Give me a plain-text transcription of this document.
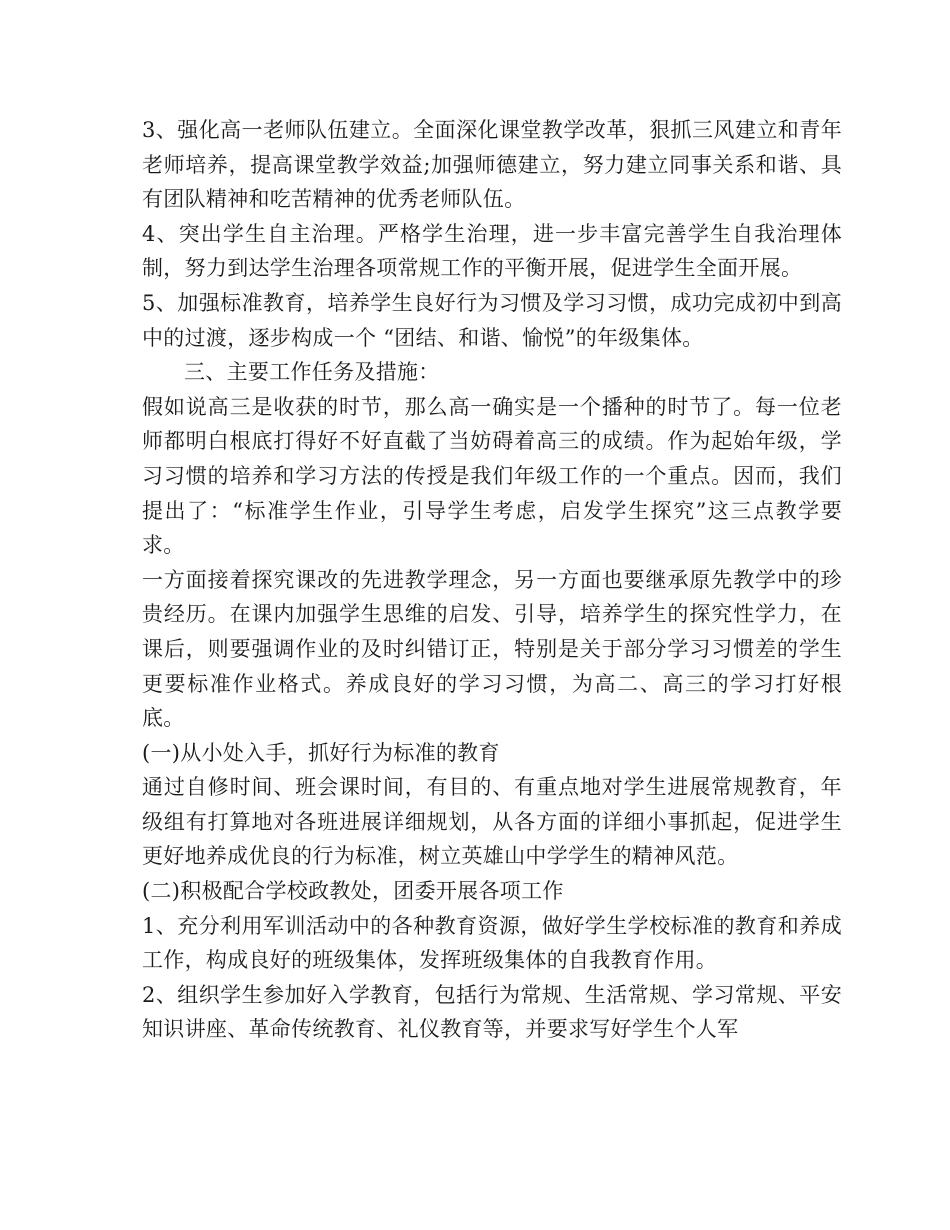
3、强化高一老师队伍建立。全面深化课堂教学改革，狠抓三风建立和青年老师培养，提高课堂教学效益;加强师德建立，努力建立同事关系和谐、具有团队精神和吃苦精神的优秀老师队伍。

4、突出学生自主治理。严格学生治理，进一步丰富完善学生自我治理体制，努力到达学生治理各项常规工作的平衡开展，促进学生全面开展。

5、加强标准教育，培养学生良好行为习惯及学习习惯，成功完成初中到高中的过渡，逐步构成一个 “团结、和谐、愉悦”的年级集体。

三、主要工作任务及措施：

假如说高三是收获的时节，那么高一确实是一个播种的时节了。每一位老师都明白根底打得好不好直截了当妨碍着高三的成绩。作为起始年级，学习习惯的培养和学习方法的传授是我们年级工作的一个重点。因而，我们提出了：“标准学生作业，引导学生考虑，启发学生探究”这三点教学要求。

一方面接着探究课改的先进教学理念，另一方面也要继承原先教学中的珍贵经历。在课内加强学生思维的启发、引导，培养学生的探究性学力，在课后，则要强调作业的及时纠错订正，特别是关于部分学习习惯差的学生更要标准作业格式。养成良好的学习习惯，为高二、高三的学习打好根底。

(一)从小处入手，抓好行为标准的教育

通过自修时间、班会课时间，有目的、有重点地对学生进展常规教育，年级组有打算地对各班进展详细规划，从各方面的详细小事抓起，促进学生更好地养成优良的行为标准，树立英雄山中学学生的精神风范。

(二)积极配合学校政教处，团委开展各项工作

1、充分利用军训活动中的各种教育资源，做好学生学校标准的教育和养成工作，构成良好的班级集体，发挥班级集体的自我教育作用。

2、组织学生参加好入学教育，包括行为常规、生活常规、学习常规、平安知识讲座、革命传统教育、礼仪教育等，并要求写好学生个人军
